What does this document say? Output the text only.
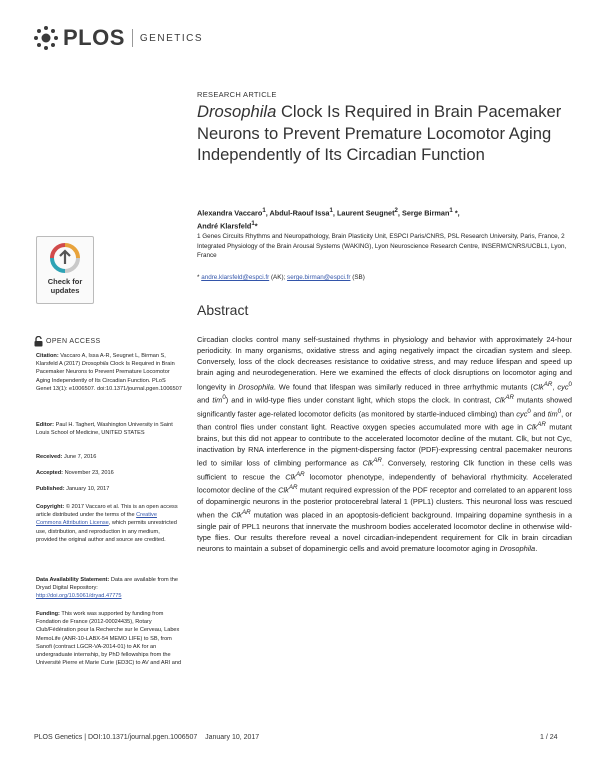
PLOS GENETICS
RESEARCH ARTICLE
Drosophila Clock Is Required in Brain Pacemaker Neurons to Prevent Premature Locomotor Aging Independently of Its Circadian Function
Alexandra Vaccaro$^1$, Abdul-Raouf Issa$^1$, Laurent Seugnet$^2$, Serge Birman$^1$ *,
André Klarsfeld$^1$*
1 Genes Circuits Rhythms and Neuropathology, Brain Plasticity Unit, ESPCI Paris/CNRS, PSL Research University, Paris, France, 2 Integrated Physiology of the Brain Arousal Systems (WAKING), Lyon Neuroscience Research Centre, INSERM/CNRS/UCBL1, Lyon, France
* andre.klarsfeld@espci.fr (AK); serge.birman@espci.fr (SB)
Abstract
Circadian clocks control many self-sustained rhythms in physiology and behavior with approximately 24-hour periodicity. In many organisms, oxidative stress and aging negatively impact the circadian system and sleep. Conversely, loss of the clock decreases resistance to oxidative stress, and may reduce lifespan and speed up brain aging and neurodegeneration. Here we examined the effects of clock disruptions on locomotor aging and longevity in Drosophila. We found that lifespan was similarly reduced in three arrhythmic mutants (Clk$^{AR}$, cyc$^0$ and tim$^0$) and in wild-type flies under constant light, which stops the clock. In contrast, Clk$^{AR}$ mutants showed significantly faster age-related locomotor deficits (as monitored by startle-induced climbing) than cyc$^0$ and tim$^0$, or than control flies under constant light. Reactive oxygen species accumulated more with age in Clk$^{AR}$ mutant brains, but this did not appear to contribute to the accelerated locomotor decline of the mutant. Clk, but not Cyc, inactivation by RNA interference in the pigment-dispersing factor (PDF)-expressing central pacemaker neurons led to similar loss of climbing performance as Clk$^{AR}$. Conversely, restoring Clk function in these cells was sufficient to rescue the Clk$^{AR}$ locomotor phenotype, independently of behavioral rhythmicity. Accelerated locomotor decline of the Clk$^{AR}$ mutant required expression of the PDF receptor and correlated to an apparent loss of dopaminergic neurons in the posterior protocerebral lateral 1 (PPL1) clusters. This neuronal loss was rescued when the Clk$^{AR}$ mutation was placed in an apoptosis-deficient background. Impairing dopamine synthesis in a single pair of PPL1 neurons that innervate the mushroom bodies accelerated locomotor decline in otherwise wild-type flies. Our results therefore reveal a novel circadian-independent requirement for Clk in brain circadian neurons to maintain a subset of dopaminergic cells and avoid premature locomotor aging in Drosophila.
Check for
updates
OPEN ACCESS
Citation: Vaccaro A, Issa A-R, Seugnet L, Birman S, Klarsfeld A (2017) Drosophila Clock Is Required in Brain Pacemaker Neurons to Prevent Premature Locomotor Aging Independently of Its Circadian Function. PLoS Genet 13(1): e1006507. doi:10.1371/journal.pgen.1006507
Editor: Paul H. Taghert, Washington University in Saint Louis School of Medicine, UNITED STATES
Received: June 7, 2016
Accepted: November 23, 2016
Published: January 10, 2017
Copyright: © 2017 Vaccaro et al. This is an open access article distributed under the terms of the Creative Commons Attribution License, which permits unrestricted use, distribution, and reproduction in any medium, provided the original author and source are credited.
Data Availability Statement: Data are available from the Dryad Digital Repository: http://doi.org/10.5061/dryad.47775
Funding: This work was supported by funding from Fondation de France (2012-00024435), Rotary Club/Fédération pour la Recherche sur le Cerveau, Labex MemoLife (ANR-10-LABX-54 MEMO LIFE) to SB, from Sanofi (contract LGCR-VA-2014-01) to AK for an undergraduate internship, by PhD fellowships from the Université Pierre et Marie Curie (ED3C) to AV and ARI and
PLOS Genetics | DOI:10.1371/journal.pgen.1006507    January 10, 2017	1 / 24
